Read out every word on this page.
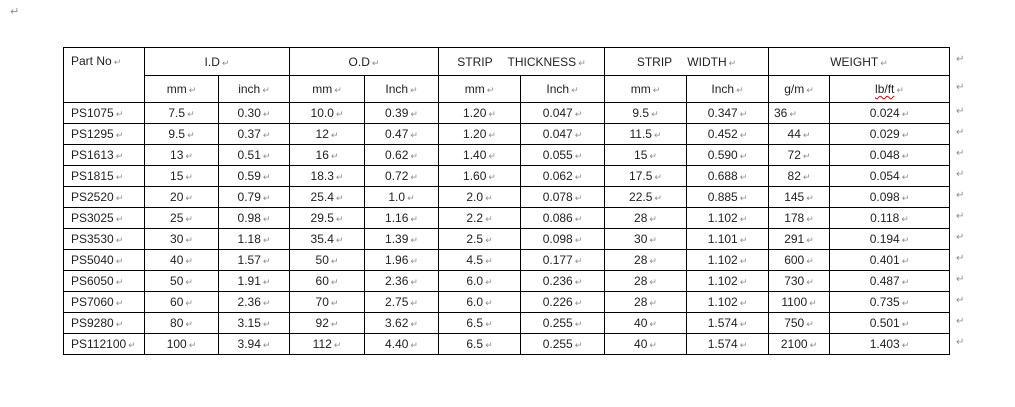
↵
Part No ↵	I.D ↵		O.D ↵		STRIP THICKNESS ↵		STRIP WIDTH ↵		WEIGHT ↵	
	mm ↵	inch ↵	mm ↵	Inch ↵	mm ↵	Inch ↵	mm ↵	Inch ↵	g/m ↵	lb/ft ↵
PS1075 ↵	7.5 ↵	0.30 ↵	10.0 ↵	0.39 ↵	1.20 ↵	0.047 ↵	9.5 ↵	0.347 ↵	36 ↵	0.024 ↵
PS1295 ↵	9.5 ↵	0.37 ↵	12 ↵	0.47 ↵	1.20 ↵	0.047 ↵	11.5 ↵	0.452 ↵	44 ↵	0.029 ↵
PS1613 ↵	13 ↵	0.51 ↵	16 ↵	0.62 ↵	1.40 ↵	0.055 ↵	15 ↵	0.590 ↵	72 ↵	0.048 ↵
PS1815 ↵	15 ↵	0.59 ↵	18.3 ↵	0.72 ↵	1.60 ↵	0.062 ↵	17.5 ↵	0.688 ↵	82 ↵	0.054 ↵
PS2520 ↵	20 ↵	0.79 ↵	25.4 ↵	1.0 ↵	2.0 ↵	0.078 ↵	22.5 ↵	0.885 ↵	145 ↵	0.098 ↵
PS3025 ↵	25 ↵	0.98 ↵	29.5 ↵	1.16 ↵	2.2 ↵	0.086 ↵	28 ↵	1.102 ↵	178 ↵	0.118 ↵
PS3530 ↵	30 ↵	1.18 ↵	35.4 ↵	1.39 ↵	2.5 ↵	0.098 ↵	30 ↵	1.101 ↵	291 ↵	0.194 ↵
PS5040 ↵	40 ↵	1.57 ↵	50 ↵	1.96 ↵	4.5 ↵	0.177 ↵	28 ↵	1.102 ↵	600 ↵	0.401 ↵
PS6050 ↵	50 ↵	1.91 ↵	60 ↵	2.36 ↵	6.0 ↵	0.236 ↵	28 ↵	1.102 ↵	730 ↵	0.487 ↵
PS7060 ↵	60 ↵	2.36 ↵	70 ↵	2.75 ↵	6.0 ↵	0.226 ↵	28 ↵	1.102 ↵	1100 ↵	0.735 ↵
PS9280 ↵	80 ↵	3.15 ↵	92 ↵	3.62 ↵	6.5 ↵	0.255 ↵	40 ↵	1.574 ↵	750 ↵	0.501 ↵
PS112100 ↵	100 ↵	3.94 ↵	112 ↵	4.40 ↵	6.5 ↵	0.255 ↵	40 ↵	1.574 ↵	2100 ↵	1.403 ↵
↵
↵
↵
↵
↵
↵
↵
↵
↵
↵
↵
↵
↵
↵
